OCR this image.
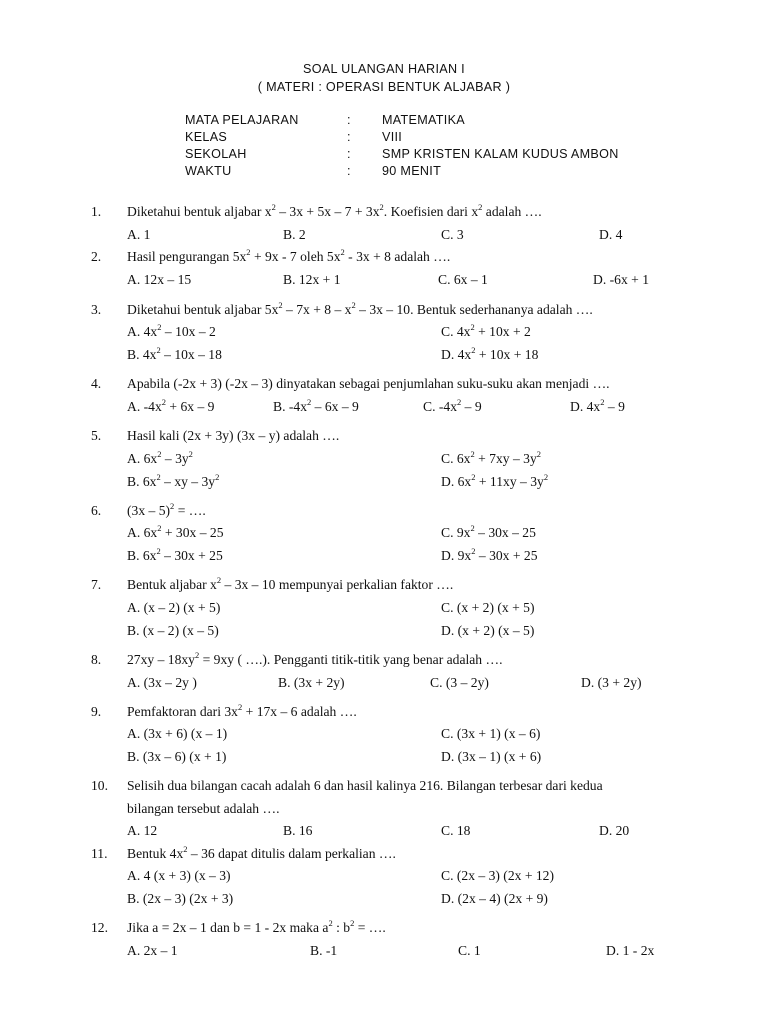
SOAL ULANGAN HARIAN I
( MATERI : OPERASI BENTUK ALJABAR )
MATA PELAJARAN	: MATEMATIKA
KELAS	: VIII
SEKOLAH	: SMP KRISTEN KALAM KUDUS AMBON
WAKTU	: 90 MENIT
1. Diketahui bentuk aljabar $x^2 - 3x + 5x - 7 + 3x^2$. Koefisien dari $x^2$ adalah ….
A. 1	B. 2	C. 3	D. 4
2. Hasil pengurangan $5x^2 + 9x - 7$ oleh $5x^2 - 3x + 8$ adalah ….
A. 12x – 15	B. 12x + 1	C. 6x – 1	D. -6x + 1
3. Diketahui bentuk aljabar $5x^2 - 7x + 8 - x^2 - 3x - 10$. Bentuk sederhananya adalah ….
A. $4x^2 - 10x - 2$	C. $4x^2 + 10x + 2$
B. $4x^2 - 10x - 18$	D. $4x^2 + 10x + 18$
4. Apabila (-2x + 3) (-2x – 3) dinyatakan sebagai penjumlahan suku-suku akan menjadi ….
A. $-4x^2 + 6x - 9$	B. $-4x^2 - 6x - 9$	C. $-4x^2 - 9$	D. $4x^2 - 9$
5. Hasil kali (2x + 3y) (3x – y) adalah ….
A. $6x^2 - 3y^2$	C. $6x^2 + 7xy - 3y^2$
B. $6x^2$ – xy – $3y^2$	D. $6x^2 + 11xy - 3y^2$
6. (3x – 5)$^2$ = ….
A. $6x^2 + 30x - 25$	C. $9x^2 - 30x - 25$
B. $6x^2 - 30x + 25$	D. $9x^2 - 30x + 25$
7. Bentuk aljabar $x^2 - 3x - 10$ mempunyai perkalian faktor ….
A. (x – 2) (x + 5)	C. (x + 2) (x + 5)
B. (x – 2) (x – 5)	D. (x + 2) (x – 5)
8. $27xy - 18xy^2 = 9xy$ ( ….). Pengganti titik-titik yang benar adalah ….
A. (3x – 2y )	B. (3x + 2y)	C. (3 – 2y)	D. (3 + 2y)
9. Pemfaktoran dari $3x^2 + 17x - 6$ adalah ….
A. (3x + 6) (x – 1)	C. (3x + 1) (x – 6)
B. (3x – 6) (x + 1)	D. (3x – 1) (x + 6)
10. Selisih dua bilangan cacah adalah 6 dan hasil kalinya 216. Bilangan terbesar dari kedua
bilangan tersebut adalah ….
A. 12	B. 16	C. 18	D. 20
11. Bentuk $4x^2 - 36$ dapat ditulis dalam perkalian ….
A. 4 (x + 3) (x – 3)	C. (2x – 3) (2x + 12)
B. (2x – 3) (2x + 3)	D. (2x – 4) (2x + 9)
12. Jika a = 2x – 1 dan b = 1 - 2x maka $a^2$ : $b^2$ = ….
A. 2x – 1	B. -1	C. 1	D. 1 - 2x
